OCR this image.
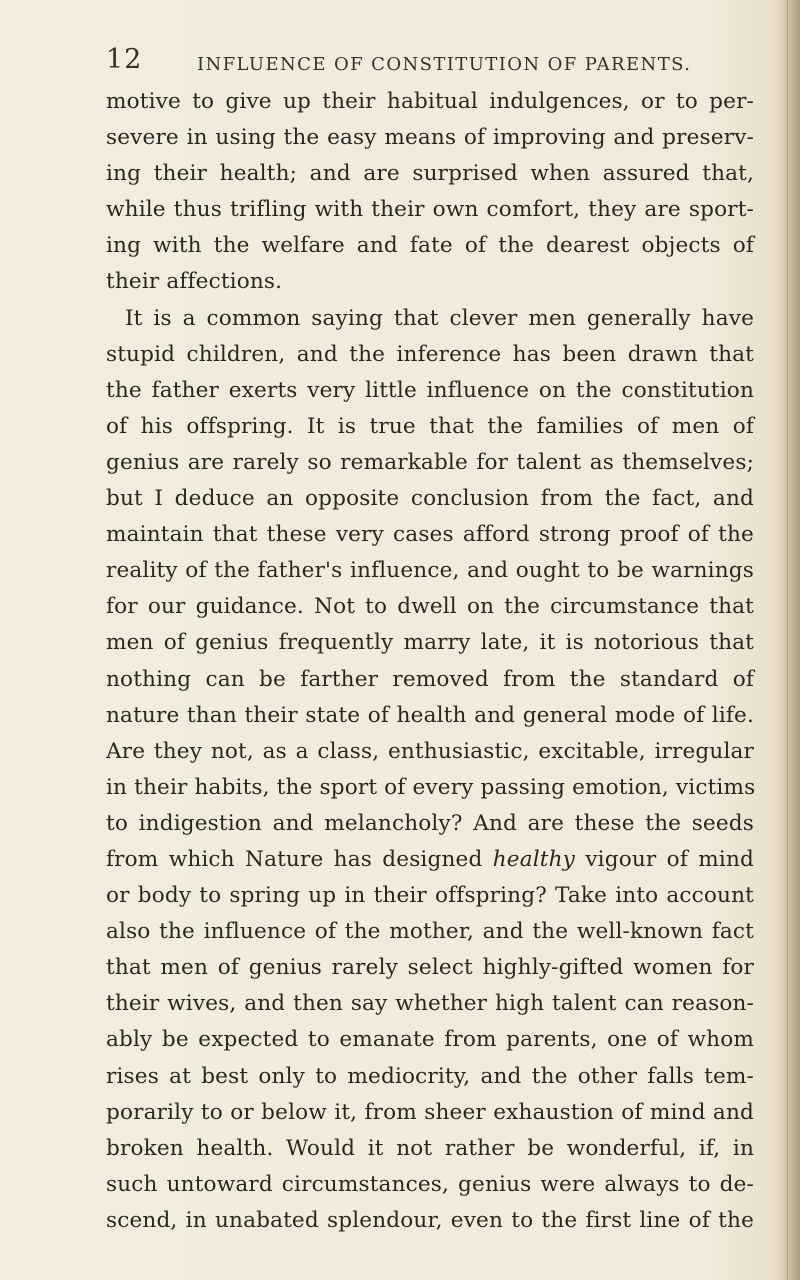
12	INFLUENCE OF CONSTITUTION OF PARENTS.
motive to give up their habitual indulgences, or to per-
severe in using the easy means of improving and preserv-
ing their health; and are surprised when assured that,
while thus trifling with their own comfort, they are sport-
ing with the welfare and fate of the dearest objects of
their affections.
It is a common saying that clever men generally have
stupid children, and the inference has been drawn that
the father exerts very little influence on the constitution
of his offspring. It is true that the families of men of
genius are rarely so remarkable for talent as themselves;
but I deduce an opposite conclusion from the fact, and
maintain that these very cases afford strong proof of the
reality of the father's influence, and ought to be warnings
for our guidance. Not to dwell on the circumstance that
men of genius frequently marry late, it is notorious that
nothing can be farther removed from the standard of
nature than their state of health and general mode of life.
Are they not, as a class, enthusiastic, excitable, irregular
in their habits, the sport of every passing emotion, victims
to indigestion and melancholy? And are these the seeds
from which Nature has designed healthy vigour of mind
or body to spring up in their offspring? Take into account
also the influence of the mother, and the well-known fact
that men of genius rarely select highly-gifted women for
their wives, and then say whether high talent can reason-
ably be expected to emanate from parents, one of whom
rises at best only to mediocrity, and the other falls tem-
porarily to or below it, from sheer exhaustion of mind and
broken health. Would it not rather be wonderful, if, in
such untoward circumstances, genius were always to de-
scend, in unabated splendour, even to the first line of the
